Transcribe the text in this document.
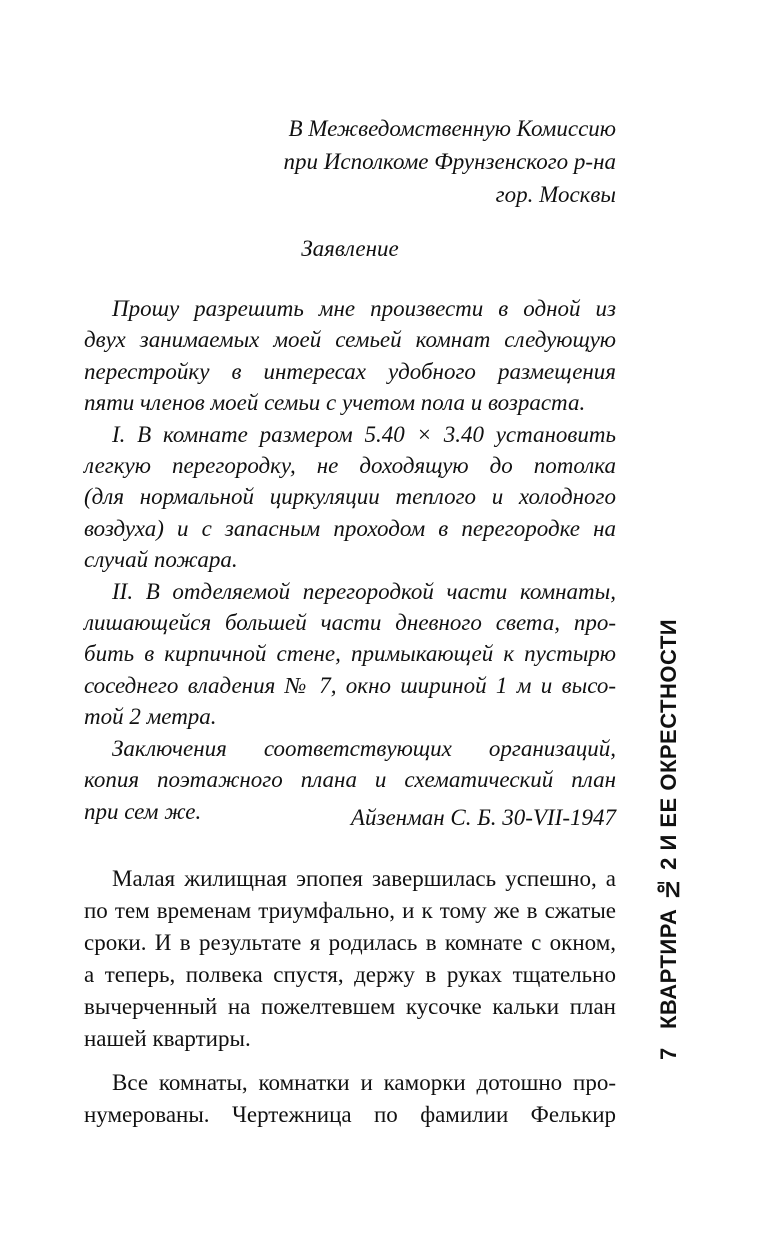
В Межведомственную Комиссию
при Исполкоме Фрунзенского р-на
гор. Москвы
Заявление
Прошу разрешить мне произвести в одной из
двух занимаемых моей семьей комнат следующую
перестройку в интересах удобного размещения
пяти членов моей семьи с учетом пола и возраста.
I. В комнате размером 5.40 × 3.40 установить
легкую перегородку, не доходящую до потолка
(для нормальной циркуляции теплого и холодного
воздуха) и с запасным проходом в перегородке на
случай пожара.
II. В отделяемой перегородкой части комнаты,
лишающейся большей части дневного света, про-
бить в кирпичной стене, примыкающей к пустырю
соседнего владения № 7, окно шириной 1 м и высо-
той 2 метра.
Заключения соответствующих организаций,
копия поэтажного плана и схематический план
при сем же.	Айзенман С. Б. 30-VII-1947
Малая жилищная эпопея завершилась успешно, а
по тем временам триумфально, и к тому же в сжатые
сроки. И в результате я родилась в комнате с окном,
а теперь, полвека спустя, держу в руках тщательно
вычерченный на пожелтевшем кусочке кальки план
нашей квартиры.
Все комнаты, комнатки и каморки дотошно про-
нумерованы. Чертежница по фамилии Фелькир
7
КВАРТИРА № 2 И ЕЕ ОКРЕСТНОСТИ
